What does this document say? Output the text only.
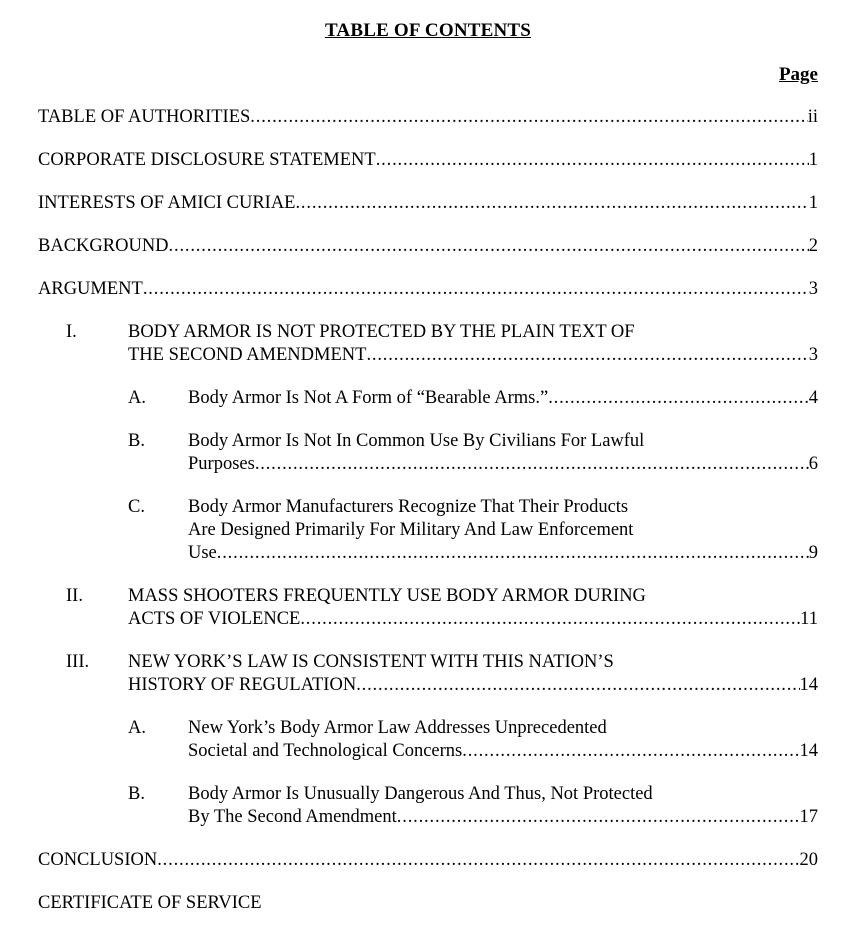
TABLE OF CONTENTS
Page
TABLE OF AUTHORITIES . . .	ii
CORPORATE DISCLOSURE STATEMENT . . .	1
INTERESTS OF AMICI CURIAE . . .	1
BACKGROUND . . .	2
ARGUMENT . . .	3
I.	BODY ARMOR IS NOT PROTECTED BY THE PLAIN TEXT OF
THE SECOND AMENDMENT . . .	3
A. Body Armor Is Not A Form of “Bearable Arms.” . . .	4
B. Body Armor Is Not In Common Use By Civilians For Lawful
Purposes . . .	6
C. Body Armor Manufacturers Recognize That Their Products
Are Designed Primarily For Military And Law Enforcement
Use . . .	9
II. MASS SHOOTERS FREQUENTLY USE BODY ARMOR DURING
ACTS OF VIOLENCE . . .	11
III. NEW YORK’S LAW IS CONSISTENT WITH THIS NATION’S
HISTORY OF REGULATION . . .	14
A. New York’s Body Armor Law Addresses Unprecedented
Societal and Technological Concerns . . .	14
B. Body Armor Is Unusually Dangerous And Thus, Not Protected
By The Second Amendment . . .	17
CONCLUSION . . .	20
CERTIFICATE OF SERVICE
